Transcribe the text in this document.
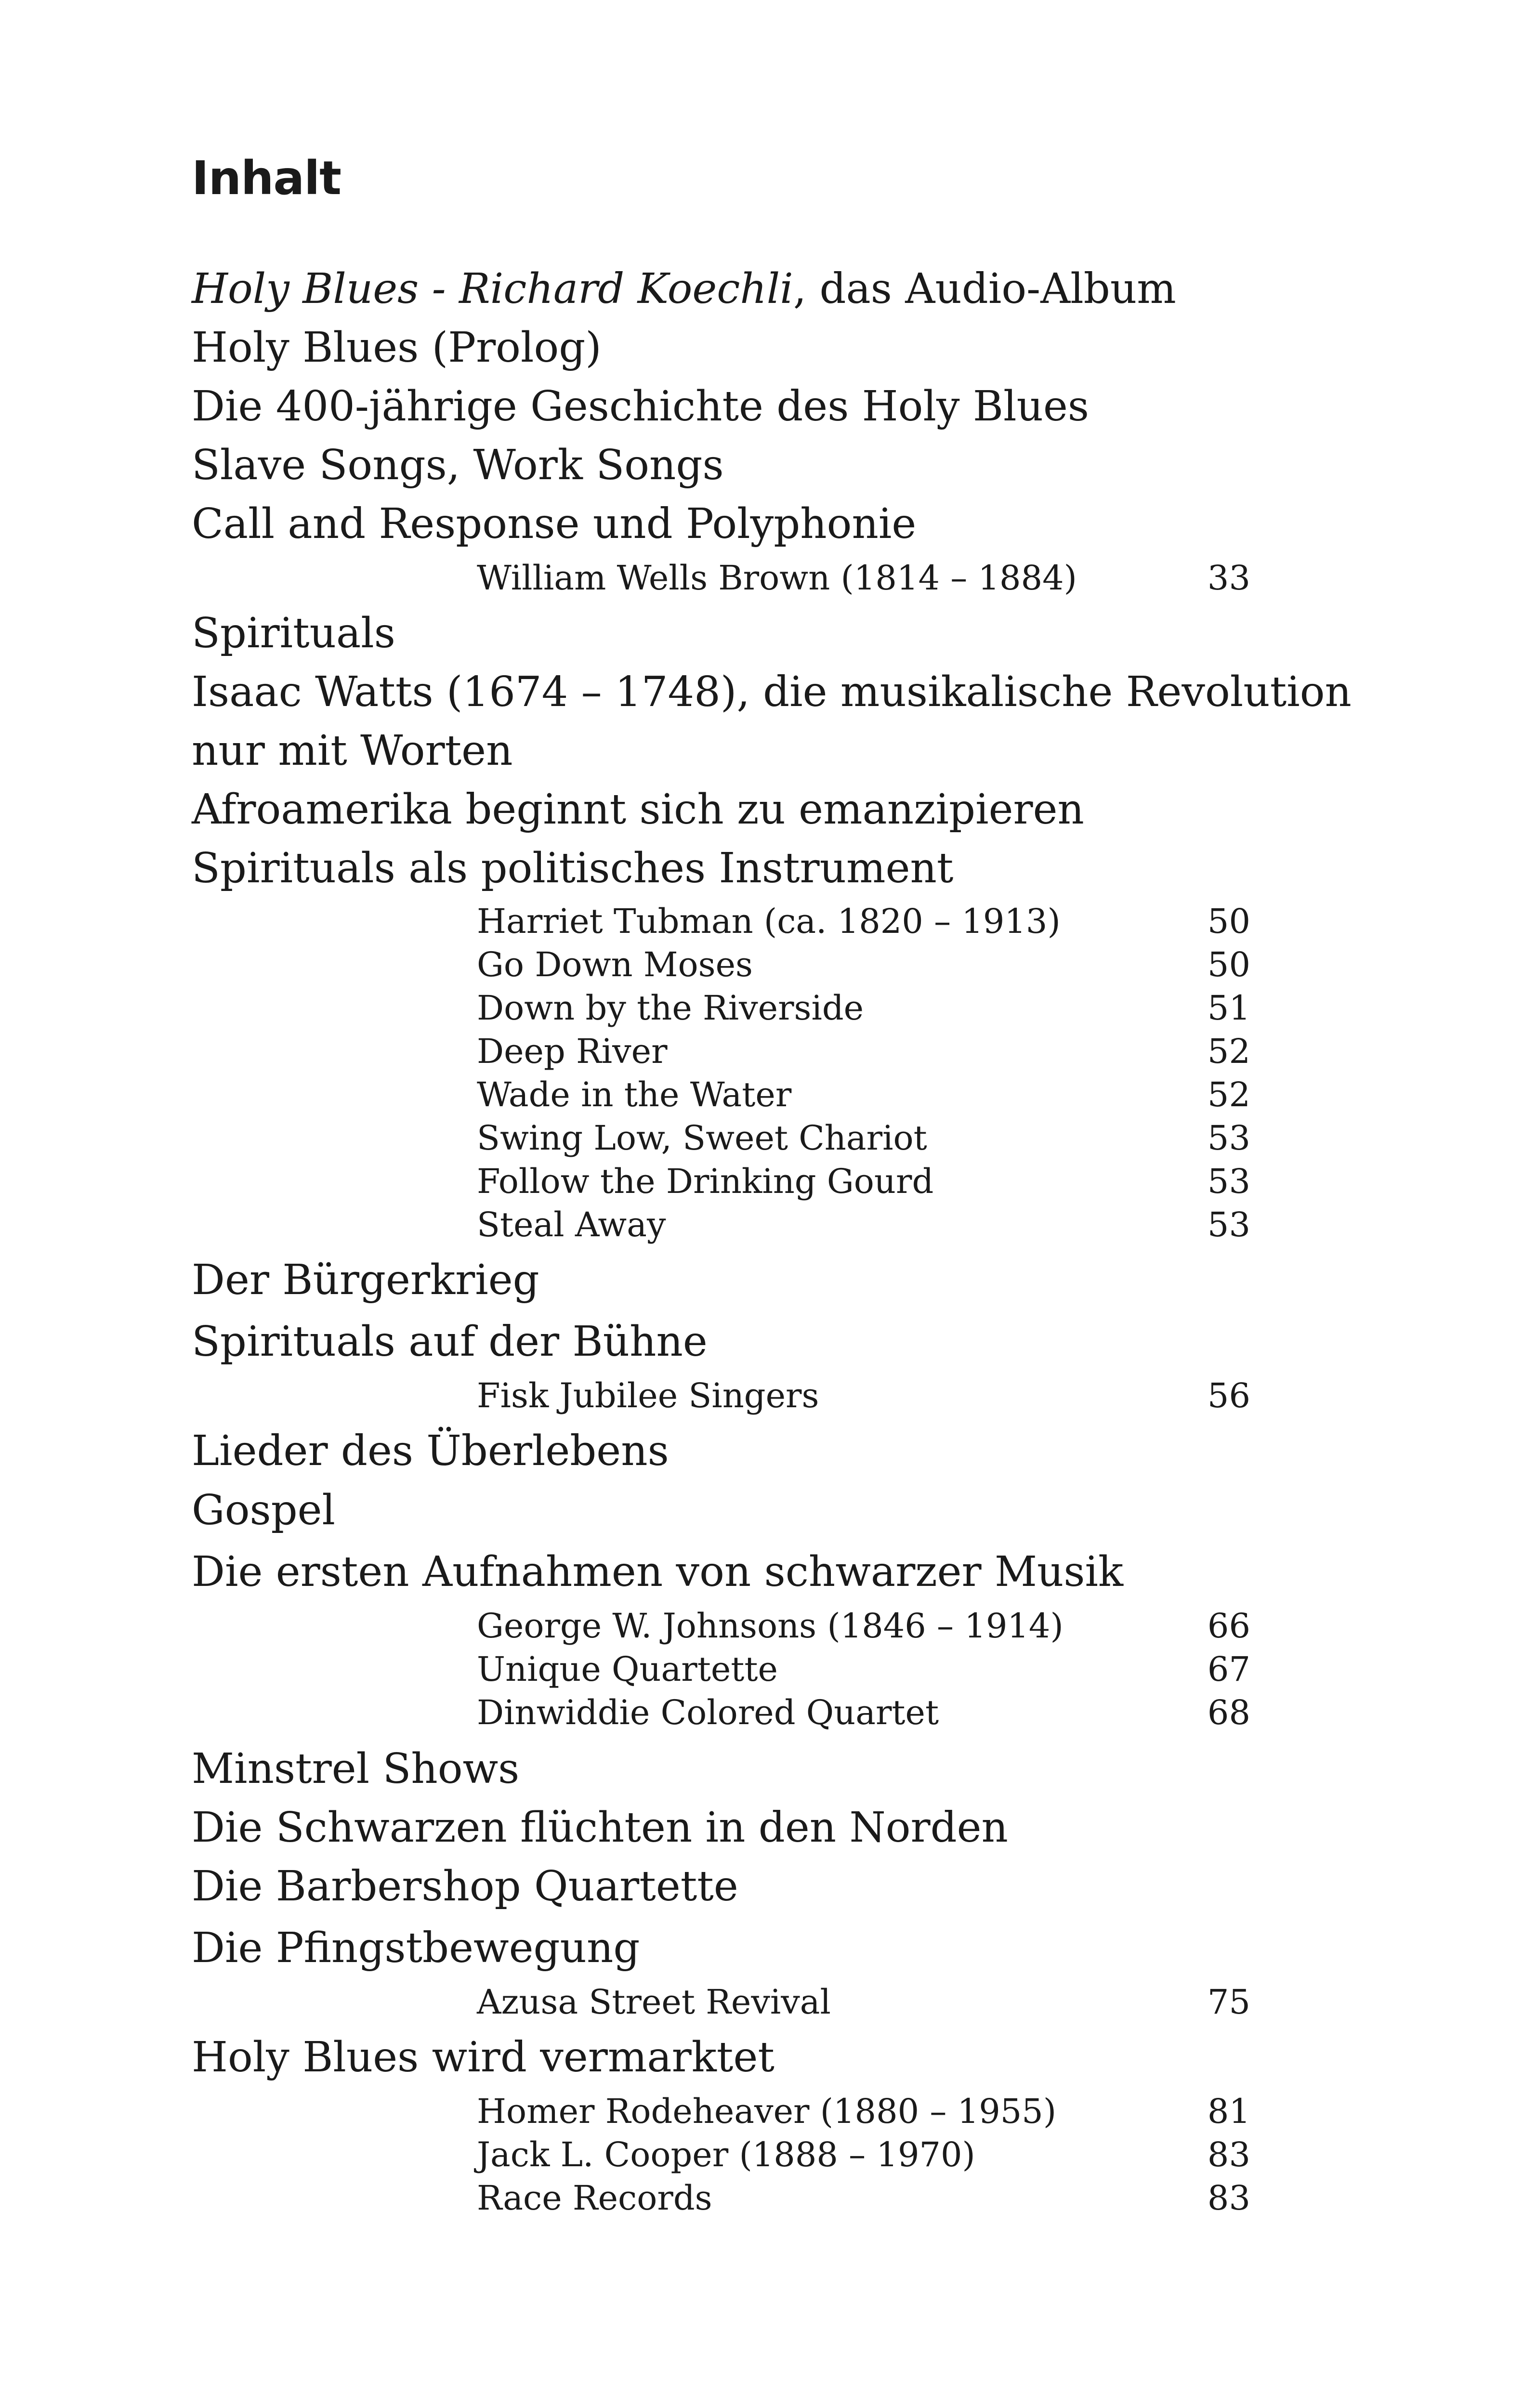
Inhalt
Holy Blues - Richard Koechli, das Audio-Album
Holy Blues (Prolog)
Die 400-jährige Geschichte des Holy Blues
Slave Songs, Work Songs
Call and Response und Polyphonie
William Wells Brown (1814 – 1884)	33
Spirituals
Isaac Watts (1674 – 1748), die musikalische Revolution
nur mit Worten
Afroamerika beginnt sich zu emanzipieren
Spirituals als politisches Instrument
Harriet Tubman (ca. 1820 – 1913)	50
Go Down Moses	50
Down by the Riverside	51
Deep River	52
Wade in the Water	52
Swing Low, Sweet Chariot	53
Follow the Drinking Gourd	53
Steal Away	53
Der Bürgerkrieg
Spirituals auf der Bühne
Fisk Jubilee Singers	56
Lieder des Überlebens
Gospel
Die ersten Aufnahmen von schwarzer Musik
George W. Johnsons (1846 – 1914)	66
Unique Quartette	67
Dinwiddie Colored Quartet	68
Minstrel Shows
Die Schwarzen flüchten in den Norden
Die Barbershop Quartette
Die Pfingstbewegung
Azusa Street Revival	75
Holy Blues wird vermarktet
Homer Rodeheaver (1880 – 1955)	81
Jack L. Cooper (1888 – 1970)	83
Race Records	83
